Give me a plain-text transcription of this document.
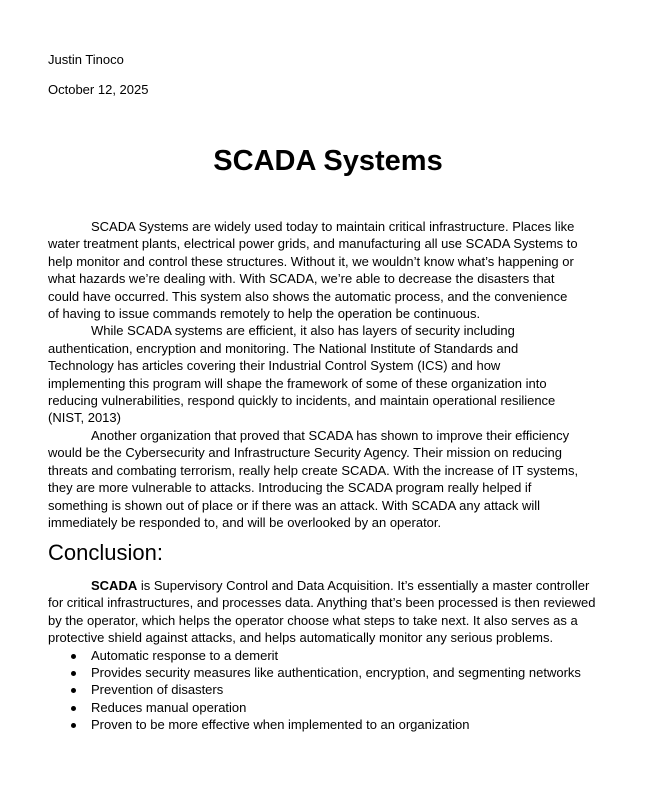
Justin Tinoco
October 12, 2025
SCADA Systems

SCADA Systems are widely used today to maintain critical infrastructure. Places like water treatment plants, electrical power grids, and manufacturing all use SCADA Systems to help monitor and control these structures. Without it, we wouldn’t know what’s happening or what hazards we’re dealing with. With SCADA, we’re able to decrease the disasters that could have occurred. This system also shows the automatic process, and the convenience of having to issue commands remotely to help the operation be continuous.

While SCADA systems are efficient, it also has layers of security including authentication, encryption and monitoring. The National Institute of Standards and Technology has articles covering their Industrial Control System (ICS) and how implementing this program will shape the framework of some of these organization into reducing vulnerabilities, respond quickly to incidents, and maintain operational resilience (NIST, 2013)

Another organization that proved that SCADA has shown to improve their efficiency would be the Cybersecurity and Infrastructure Security Agency. Their mission on reducing threats and combating terrorism, really help create SCADA. With the increase of IT systems, they are more vulnerable to attacks. Introducing the SCADA program really helped if something is shown out of place or if there was an attack. With SCADA any attack will immediately be responded to, and will be overlooked by an operator.

Conclusion:

SCADA is Supervisory Control and Data Acquisition. It’s essentially a master controller for critical infrastructures, and processes data. Anything that’s been processed is then reviewed by the operator, which helps the operator choose what steps to take next. It also serves as a protective shield against attacks, and helps automatically monitor any serious problems.

Automatic response to a demerit
Provides security measures like authentication, encryption, and segmenting networks
Prevention of disasters
Reduces manual operation
Proven to be more effective when implemented to an organization
